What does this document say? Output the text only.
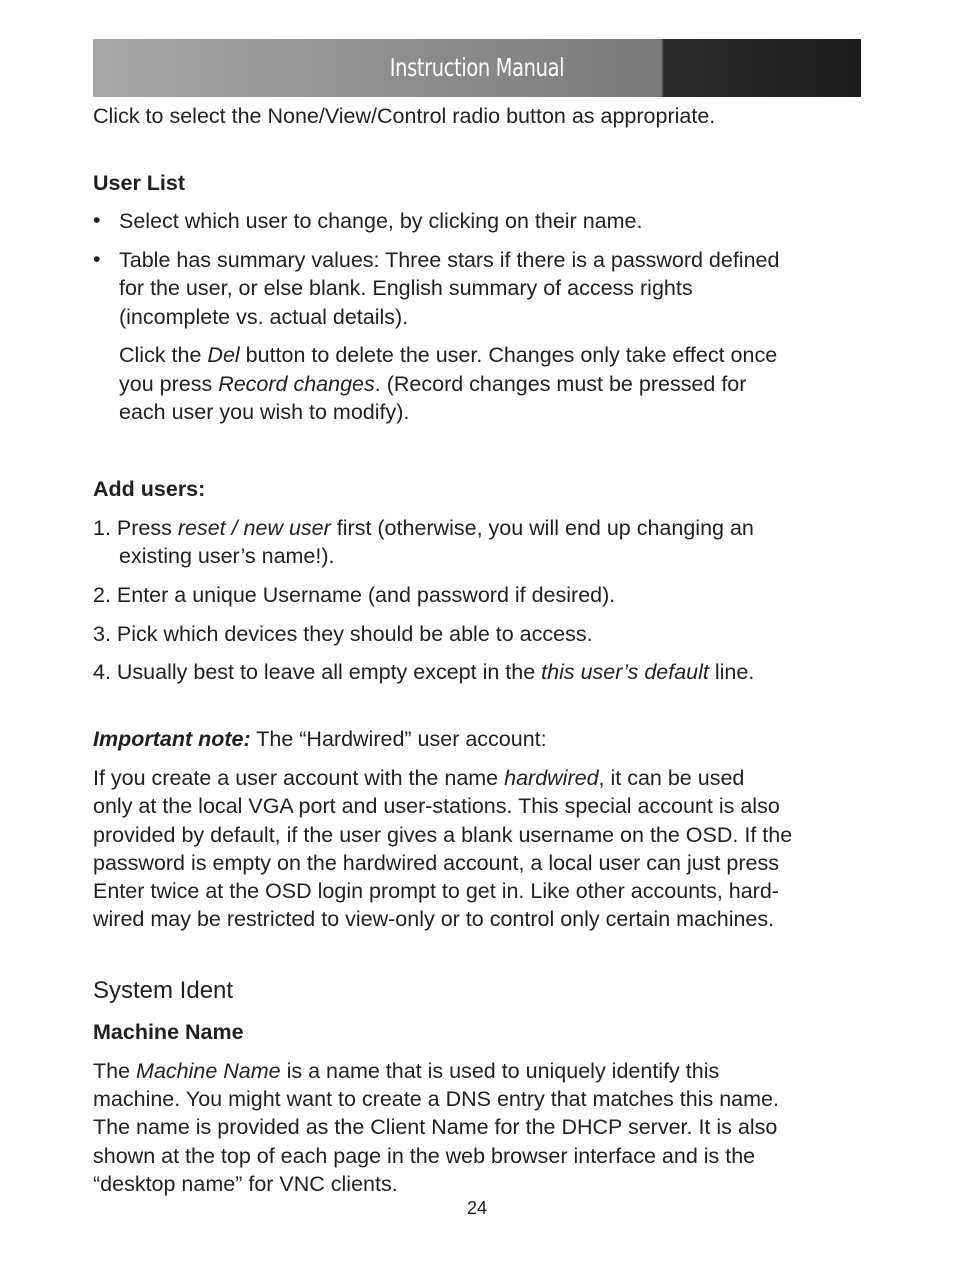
Instruction Manual

Click to select the None/View/Control radio button as appropriate.

User List

• Select which user to change, by clicking on their name.

• Table has summary values: Three stars if there is a password defined

for the user, or else blank. English summary of access rights

(incomplete vs. actual details).

Click the Del button to delete the user. Changes only take effect once

you press Record changes. (Record changes must be pressed for

each user you wish to modify).

Add users:

1. Press reset / new user first (otherwise, you will end up changing an

existing user’s name!).

2. Enter a unique Username (and password if desired).

3. Pick which devices they should be able to access.

4. Usually best to leave all empty except in the this user’s default line.

Important note: The “Hardwired” user account:

If you create a user account with the name hardwired, it can be used

only at the local VGA port and user-stations. This special account is also

provided by default, if the user gives a blank username on the OSD. If the

password is empty on the hardwired account, a local user can just press

Enter twice at the OSD login prompt to get in. Like other accounts, hard-

wired may be restricted to view-only or to control only certain machines.

System Ident

Machine Name

The Machine Name is a name that is used to uniquely identify this

machine. You might want to create a DNS entry that matches this name.

The name is provided as the Client Name for the DHCP server. It is also

shown at the top of each page in the web browser interface and is the

“desktop name” for VNC clients.

24
